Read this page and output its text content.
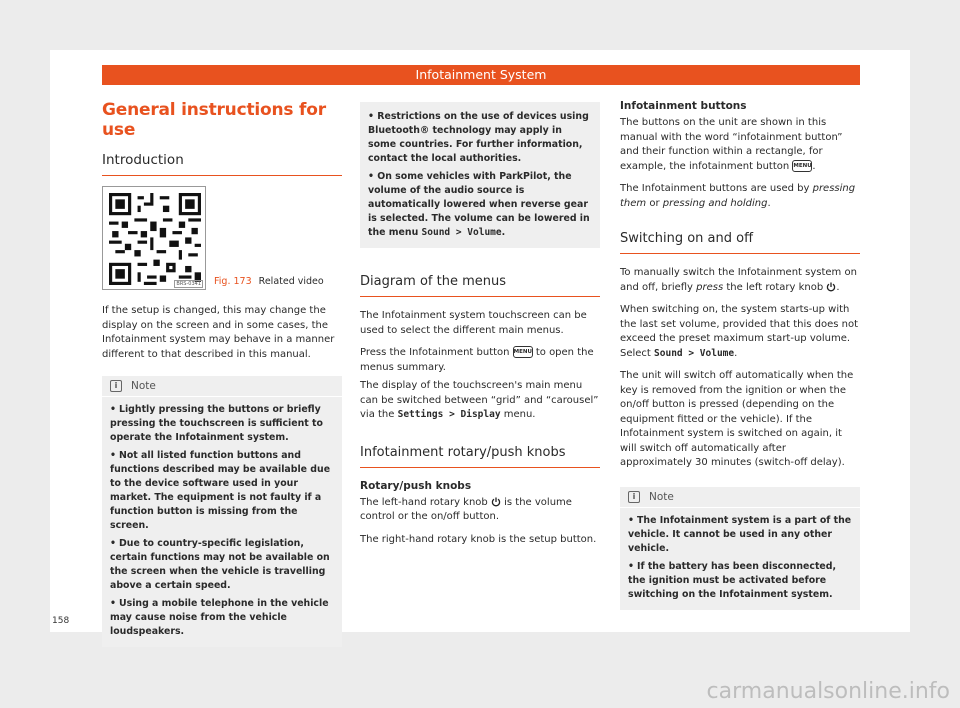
Infotainment System
General instructions for use
Introduction
BRS-0341 Fig. 173 Related video

If the setup is changed, this may change the display on the screen and in some cases, the Infotainment system may behave in a manner different to that described in this manual.

i	Note
• Lightly pressing the buttons or briefly pressing the touchscreen is sufficient to operate the Infotainment system.
• Not all listed function buttons and functions described may be available due to the device software used in your market. The equipment is not faulty if a function button is missing from the screen.
• Due to country-specific legislation, certain functions may not be available on the screen when the vehicle is travelling above a certain speed.
• Using a mobile telephone in the vehicle may cause noise from the vehicle loudspeakers.
• Restrictions on the use of devices using Bluetooth® technology may apply in some countries. For further information, contact the local authorities.
• On some vehicles with ParkPilot, the volume of the audio source is automatically lowered when reverse gear is selected. The volume can be lowered in the menu Sound > Volume.
Diagram of the menus

The Infotainment system touchscreen can be used to select the different main menus.

Press the Infotainment button MENU to open the menus summary.

The display of the touchscreen's main menu can be switched between “grid” and “carousel” via the Settings > Display menu.

Infotainment rotary/push knobs
Rotary/push knobs

The left-hand rotary knob  is the volume control or the on/off button.

The right-hand rotary knob is the setup button.

Infotainment buttons

The buttons on the unit are shown in this manual with the word “infotainment button” and their function within a rectangle, for example, the infotainment button MENU.

The Infotainment buttons are used by pressing them or pressing and holding.

Switching on and off

To manually switch the Infotainment system on and off, briefly press the left rotary knob .

When switching on, the system starts-up with the last set volume, provided that this does not exceed the preset maximum start-up volume. Select Sound > Volume.

The unit will switch off automatically when the key is removed from the ignition or when the on/off button is pressed (depending on the equipment fitted or the vehicle). If the Infotainment system is switched on again, it will switch off automatically after approximately 30 minutes (switch-off delay).

i	Note
• The Infotainment system is a part of the vehicle. It cannot be used in any other vehicle.
• If the battery has been disconnected, the ignition must be activated before switching on the Infotainment system.
158
carmanualsonline.info
